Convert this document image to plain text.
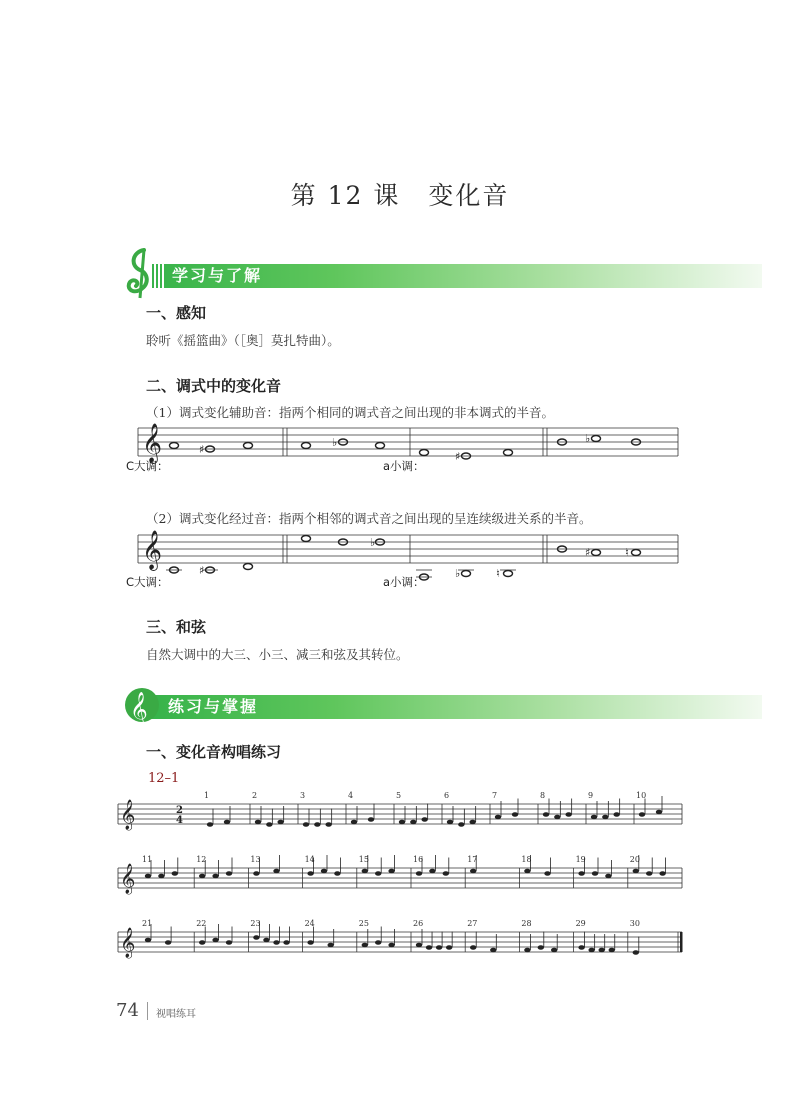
第 12 课 变化音
学习与了解
一、感知
聆听《摇篮曲》（［奥］莫扎特曲）。
二、调式中的变化音
（1）调式变化辅助音：指两个相同的调式音之间出现的非本调式的半音。
𝄞	♯
♭
♯
♭
C大调：	a小调：
（2）调式变化经过音：指两个相邻的调式音之间出现的呈连续级进关系的半音。
𝄞
♯
♭
♭	♮
♯	♮
C大调：	a小调：
三、和弦
自然大调中的大三、小三、减三和弦及其转位。
𝄞 练习与掌握
一、变化音构唱练习
12–1
𝄞	2
4
1	2	3	4	5	6	7	8	9	10
𝄞
11	12	13	14	15	16	17	18	19	20
𝄞
21	22	23	24	25	26	27	28	29	30
74 视唱练耳
